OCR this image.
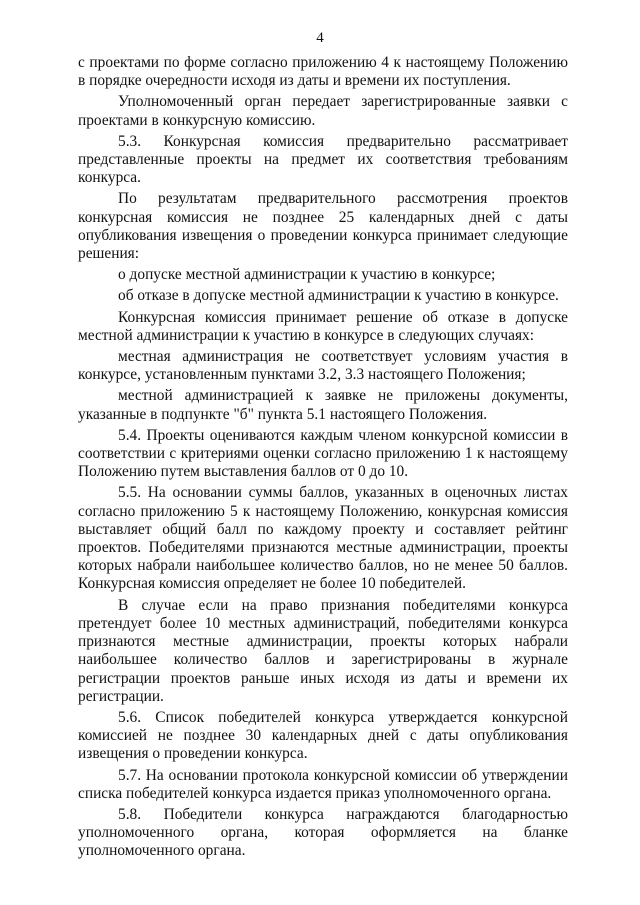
4

с проектами по форме согласно приложению 4 к настоящему Положению в порядке очередности исходя из даты и времени их поступления.

Уполномоченный орган передает зарегистрированные заявки с проектами в конкурсную комиссию.

5.3. Конкурсная комиссия предварительно рассматривает представленные проекты на предмет их соответствия требованиям конкурса.

По результатам предварительного рассмотрения проектов конкурсная комиссия не позднее 25 календарных дней с даты опубликования извещения о проведении конкурса принимает следующие решения:

о допуске местной администрации к участию в конкурсе;

об отказе в допуске местной администрации к участию в конкурсе.

Конкурсная комиссия принимает решение об отказе в допуске местной администрации к участию в конкурсе в следующих случаях:

местная администрация не соответствует условиям участия в конкурсе, установленным пунктами 3.2, 3.3 настоящего Положения;

местной администрацией к заявке не приложены документы, указанные в подпункте "б" пункта 5.1 настоящего Положения.

5.4. Проекты оцениваются каждым членом конкурсной комиссии в соответствии с критериями оценки согласно приложению 1 к настоящему Положению путем выставления баллов от 0 до 10.

5.5. На основании суммы баллов, указанных в оценочных листах согласно приложению 5 к настоящему Положению, конкурсная комиссия выставляет общий балл по каждому проекту и составляет рейтинг проектов. Победителями признаются местные администрации, проекты которых набрали наибольшее количество баллов, но не менее 50 баллов. Конкурсная комиссия определяет не более 10 победителей.

В случае если на право признания победителями конкурса претендует более 10 местных администраций, победителями конкурса признаются местные администрации, проекты которых набрали наибольшее количество баллов и зарегистрированы в журнале регистрации проектов раньше иных исходя из даты и времени их регистрации.

5.6. Список победителей конкурса утверждается конкурсной комиссией не позднее 30 календарных дней с даты опубликования извещения о проведении конкурса.

5.7. На основании протокола конкурсной комиссии об утверждении списка победителей конкурса издается приказ уполномоченного органа.

5.8. Победители конкурса награждаются благодарностью уполномоченного органа, которая оформляется на бланке уполномоченного органа.
